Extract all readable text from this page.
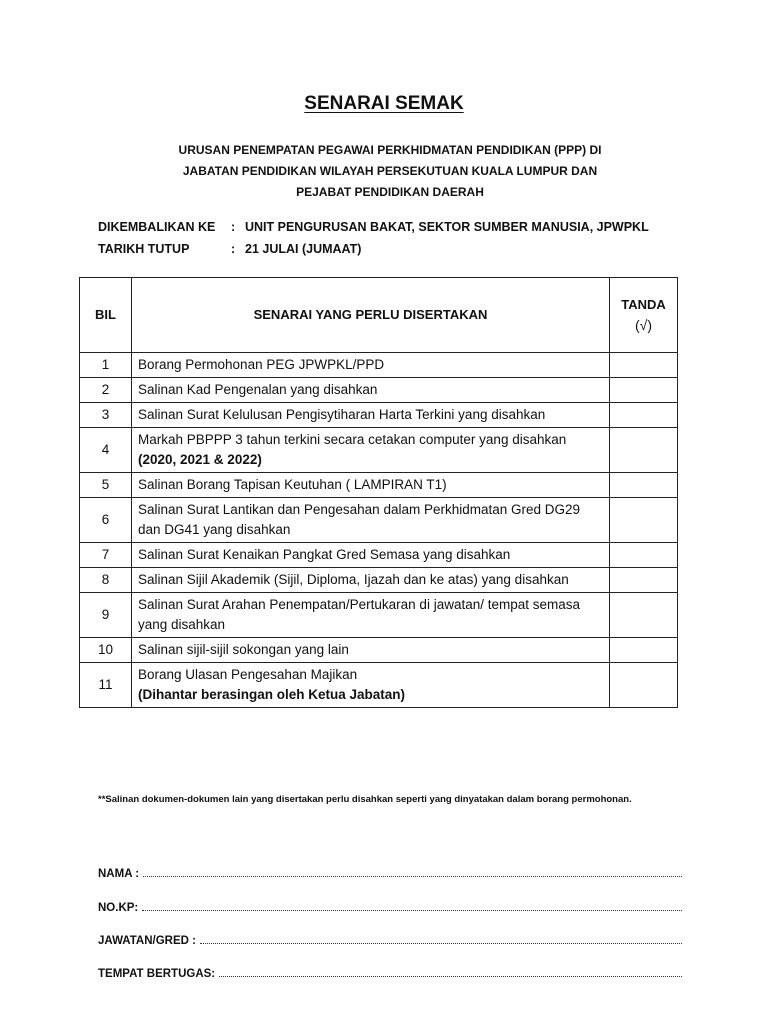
SENARAI SEMAK
URUSAN PENEMPATAN PEGAWAI PERKHIDMATAN PENDIDIKAN (PPP) DI
JABATAN PENDIDIKAN WILAYAH PERSEKUTUAN KUALA LUMPUR DAN
PEJABAT PENDIDIKAN DAERAH
DIKEMBALIKAN KE : UNIT PENGURUSAN BAKAT, SEKTOR SUMBER MANUSIA, JPWPKL
TARIKH TUTUP	: 21 JULAI (JUMAAT)
BIL	SENARAI YANG PERLU DISERTAKAN	TANDA
(√)

1	Borang Permohonan PEG JPWPKL/PPD	
2	Salinan Kad Pengenalan yang disahkan	
3	Salinan Surat Kelulusan Pengisytiharan Harta Terkini yang disahkan	
4	Markah PBPPP 3 tahun terkini secara cetakan computer yang disahkan (2020, 2021 & 2022)	
5	Salinan Borang Tapisan Keutuhan ( LAMPIRAN T1)	
6	Salinan Surat Lantikan dan Pengesahan dalam Perkhidmatan Gred DG29 dan DG41 yang disahkan	
7	Salinan Surat Kenaikan Pangkat Gred Semasa yang disahkan	
8	Salinan Sijil Akademik (Sijil, Diploma, Ijazah dan ke atas) yang disahkan	
9	Salinan Surat Arahan Penempatan/Pertukaran di jawatan/ tempat semasa yang disahkan	
10	Salinan sijil-sijil sokongan yang lain	
11	Borang Ulasan Pengesahan Majikan
(Dihantar berasingan oleh Ketua Jabatan)	

**Salinan dokumen-dokumen lain yang disertakan perlu disahkan seperti yang dinyatakan dalam borang permohonan.
NAMA :
NO.KP:
JAWATAN/GRED :
TEMPAT BERTUGAS:
